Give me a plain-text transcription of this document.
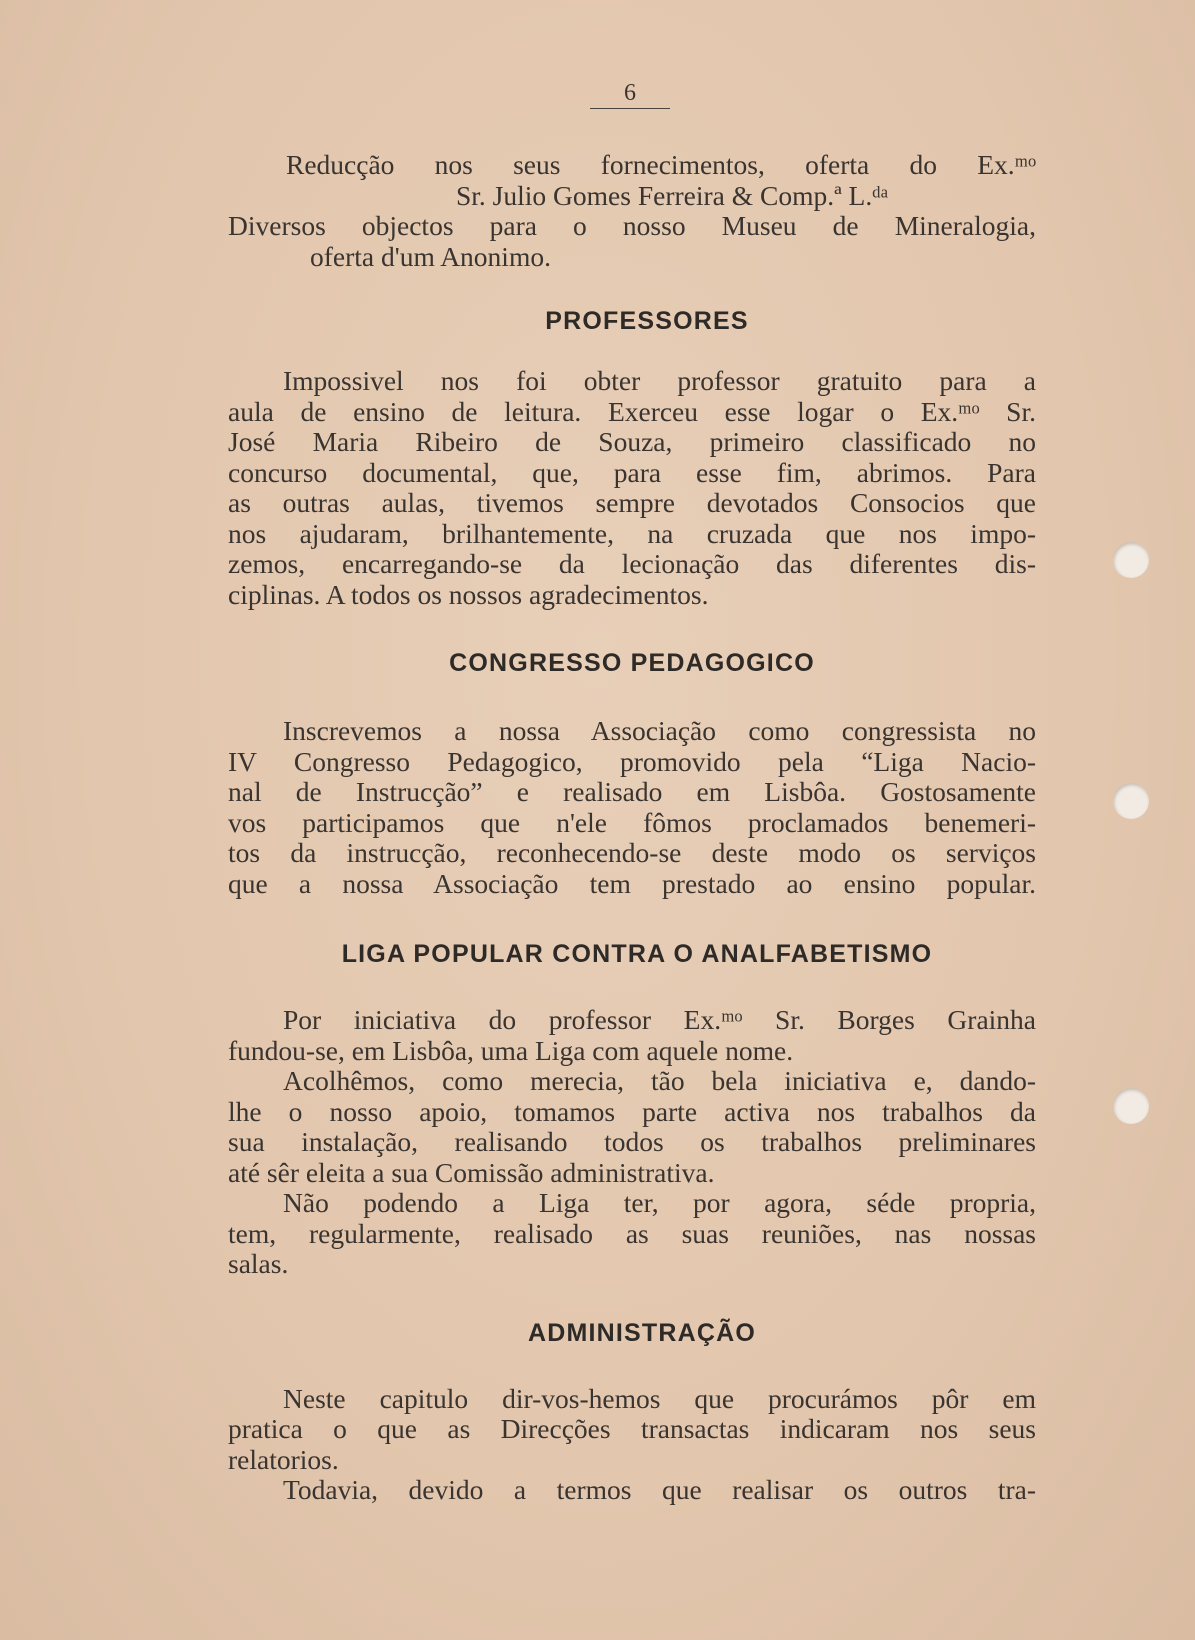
6
Reducção nos seus fornecimentos, oferta do Ex.ᵐᵒ
Sr. Julio Gomes Ferreira & Comp.ª L.ᵈᵃ
Diversos objectos para o nosso Museu de Mineralogia,
oferta d'um Anonimo.
PROFESSORES
Impossivel nos foi obter professor gratuito para a
aula de ensino de leitura. Exerceu esse logar o Ex.ᵐᵒ Sr.
José Maria Ribeiro de Souza, primeiro classificado no
concurso documental, que, para esse fim, abrimos. Para
as outras aulas, tivemos sempre devotados Consocios que
nos ajudaram, brilhantemente, na cruzada que nos impo-
zemos, encarregando-se da lecionação das diferentes dis-
ciplinas. A todos os nossos agradecimentos.
CONGRESSO PEDAGOGICO
Inscrevemos a nossa Associação como congressista no
IV Congresso Pedagogico, promovido pela “Liga Nacio-
nal de Instrucção” e realisado em Lisbôa. Gostosamente
vos participamos que n'ele fômos proclamados benemeri-
tos da instrucção, reconhecendo-se deste modo os serviços
que a nossa Associação tem prestado ao ensino popular.
LIGA POPULAR CONTRA O ANALFABETISMO
Por iniciativa do professor Ex.ᵐᵒ Sr. Borges Grainha
fundou-se, em Lisbôa, uma Liga com aquele nome.
Acolhêmos, como merecia, tão bela iniciativa e, dando-
lhe o nosso apoio, tomamos parte activa nos trabalhos da
sua instalação, realisando todos os trabalhos preliminares
até sêr eleita a sua Comissão administrativa.
Não podendo a Liga ter, por agora, séde propria,
tem, regularmente, realisado as suas reuniões, nas nossas
salas.
ADMINISTRAÇÃO
Neste capitulo dir-vos-hemos que procurámos pôr em
pratica o que as Direcções transactas indicaram nos seus
relatorios.
Todavia, devido a termos que realisar os outros tra-
